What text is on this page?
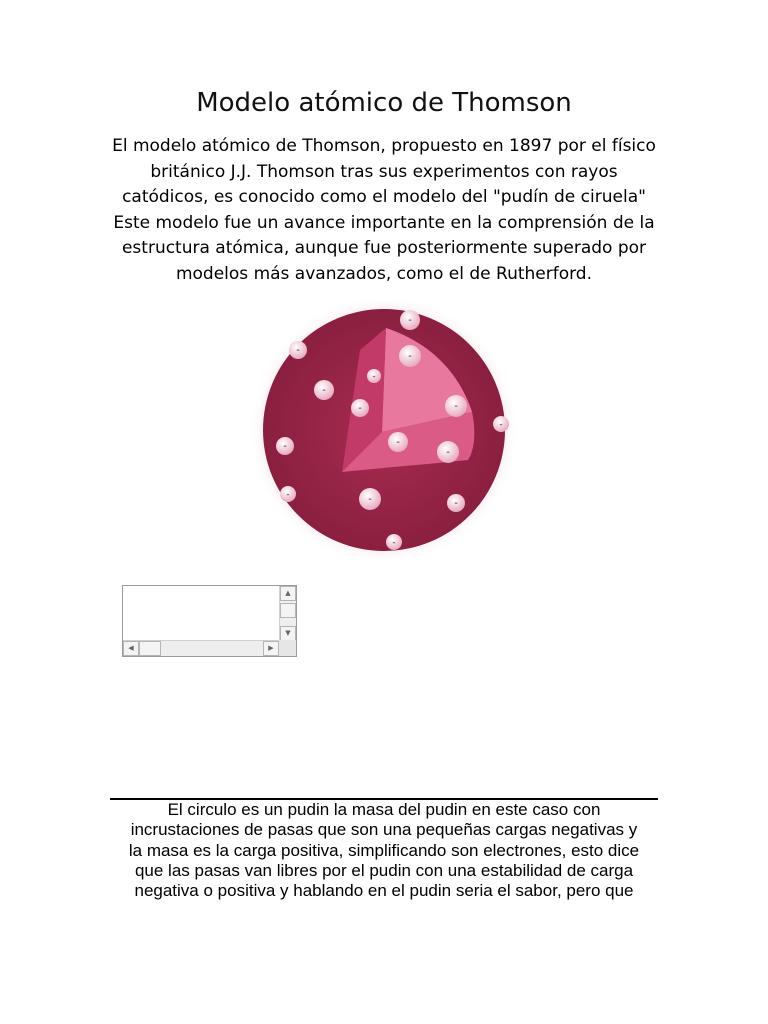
Modelo atómico de Thomson
El modelo atómico de Thomson, propuesto en 1897 por el físico
británico J.J. Thomson tras sus experimentos con rayos
catódicos, es conocido como el modelo del "pudín de ciruela"
Este modelo fue un avance importante en la comprensión de la
estructura atómica, aunque fue posteriormente superado por
modelos más avanzados, como el de Rutherford.
-
-
-
-
-
-	-
-
-
-
-
-	-	-
-
▲
▼
◀	▶
El circulo es un pudin la masa del pudin en este caso con
incrustaciones de pasas que son una pequeñas cargas negativas y
la masa es la carga positiva, simplificando son electrones, esto dice
que las pasas van libres por el pudin con una estabilidad de carga
negativa o positiva y hablando en el pudin seria el sabor, pero que
